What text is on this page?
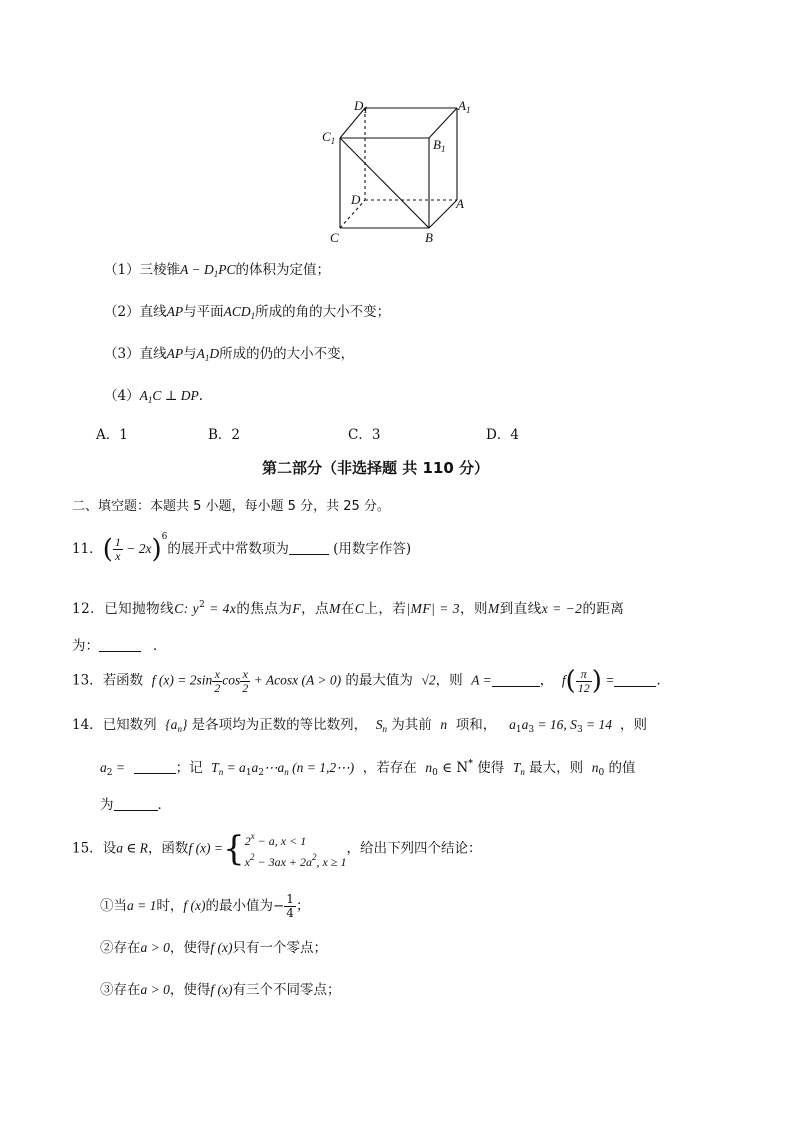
$D_1$	$A_1$
$C_1$	$B_1$
D	A
C	B
（1）三棱锥$A - D_1PC$的体积为定值；
（2）直线AP与平面$ACD_1$所成的角的大小不变；
（3）直线AP与$A_1D$所成的仍的大小不变，
$(4)A_1C$ ⊥ DP.
A．1	B．2	C．3	D．4
第二部分（非选择题 共 110 分）
二、填空题：本题共 5 小题，每小题 5 分，共 25 分。
11．( $\frac{1}{x} - 2x)^6$的展开式中常数项为	(用数字作答)
12．已知抛物线C: $y^2 = 4x$的焦点为F，点M在C上，若|MF| = 3，则M到直线x = −2的距离
为：	．
13．若函数 f $(x) = 2\sin \frac{x}{2}$ $\cos \frac{x}{2} + Acosx$ (A > 0) 的最大值为 √2，则 A =	， $f( \frac{\pi}{12}$ ) =	．
14．已知数列 $\{a_n\}$ 是各项均为正数的等比数列， $S_n$ 为其前 n 项和， $a_1a_3 = 16$, $S_3 = 14$ ，则
$a_2$ =	；记 $T_n$ = $a_1a_2\cdots a_n$ (n = 1,2⋯) ，若存在 $n_0$ ∈ N* 使得 $T_n$ 最大，则 $n_0$ 的值
为	．
15．设a ∈ R，函数f (x) ={ $2^x - a$, x < 1
$x^2 - 3ax + 2a^2$, x ≥ 1
，给出下列四个结论：
①当a = 1时，f (x)的最小值为− $\frac{1}{4}$ ；
②存在a > 0，使得f (x)只有一个零点；
③存在a > 0，使得f (x)有三个不同零点；
